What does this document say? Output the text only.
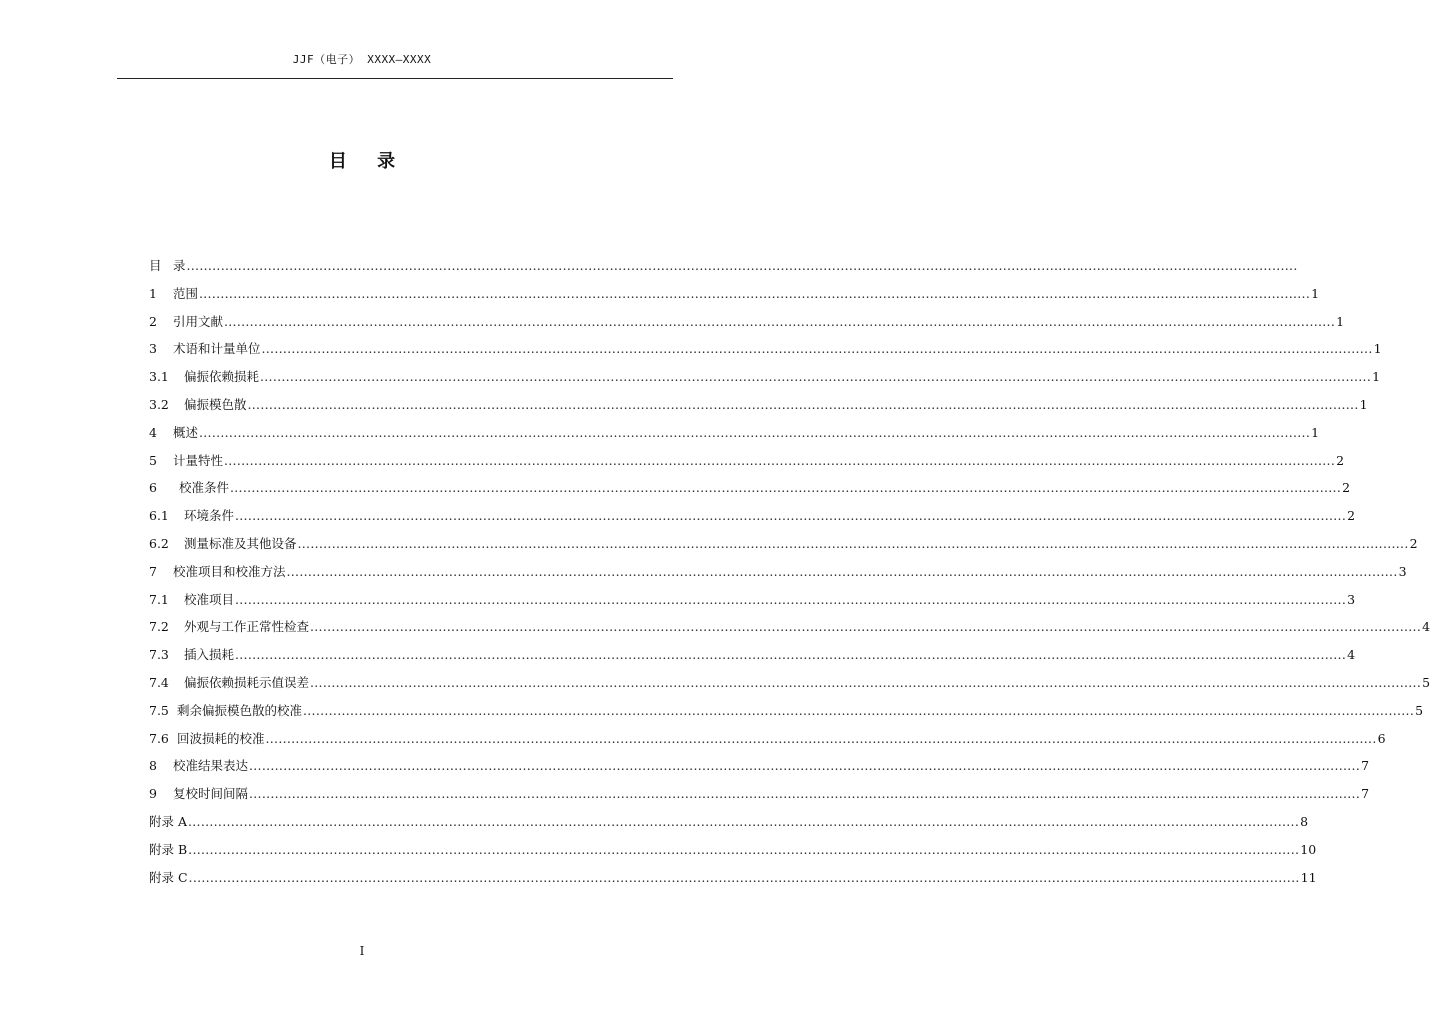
JJF（电子） XXXX—XXXX
目 录
目 录 ....................................................................................................................................................................................................................................................................
1 范围 .................................................................................................................................................................................................................................................................... 1
2 引用文献 .................................................................................................................................................................................................................................................................... 1
3 术语和计量单位 .................................................................................................................................................................................................................................................................... 1
3.1 偏振依赖损耗 .................................................................................................................................................................................................................................................................... 1
3.2 偏振模色散 .................................................................................................................................................................................................................................................................... 1
4 概述 .................................................................................................................................................................................................................................................................... 1
5 计量特性 .................................................................................................................................................................................................................................................................... 2
6 校准条件 .................................................................................................................................................................................................................................................................... 2
6.1 环境条件 .................................................................................................................................................................................................................................................................... 2
6.2 测量标准及其他设备 .................................................................................................................................................................................................................................................................... 2
7 校准项目和校准方法 .................................................................................................................................................................................................................................................................... 3
7.1 校准项目 .................................................................................................................................................................................................................................................................... 3
7.2 外观与工作正常性检查 .................................................................................................................................................................................................................................................................... 4
7.3 插入损耗 .................................................................................................................................................................................................................................................................... 4
7.4 偏振依赖损耗示值误差 .................................................................................................................................................................................................................................................................... 5
7.5 剩余偏振模色散的校准 .................................................................................................................................................................................................................................................................... 5
7.6 回波损耗的校准 .................................................................................................................................................................................................................................................................... 6
8 校准结果表达 .................................................................................................................................................................................................................................................................... 7
9 复校时间间隔 .................................................................................................................................................................................................................................................................... 7
附录 A .................................................................................................................................................................................................................................................................... 8
附录 B .................................................................................................................................................................................................................................................................... 10
附录 C .................................................................................................................................................................................................................................................................... 11
I
